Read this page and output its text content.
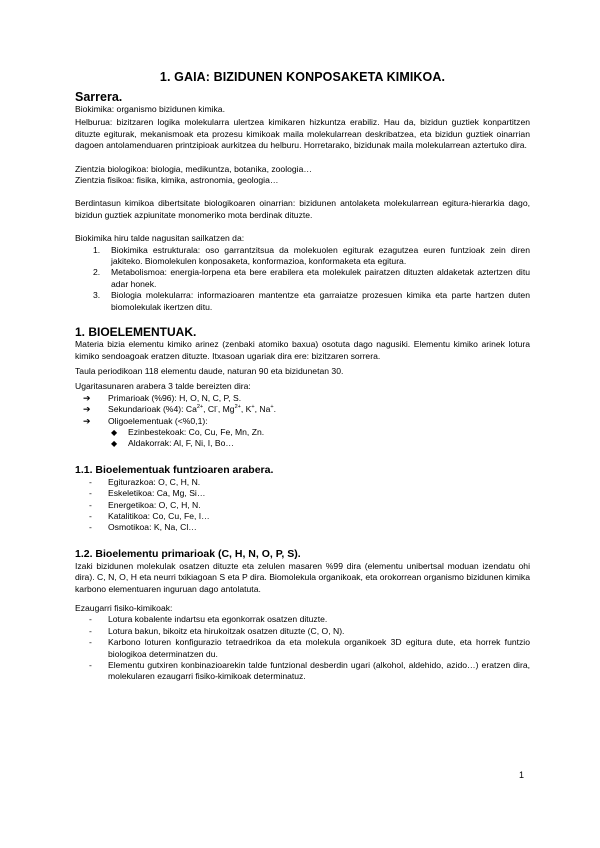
1. GAIA: BIZIDUNEN KONPOSAKETA KIMIKOA.
Sarrera.

Biokimika: organismo bizidunen kimika.

Helburua: bizitzaren logika molekularra ulertzea kimikaren hizkuntza erabiliz. Hau da, bizidun guztiek konpartitzen dituzte egiturak, mekanismoak eta prozesu kimikoak maila molekularrean deskribatzea, eta bizidun guztiek oinarrian dagoen antolamenduaren printzipioak aurkitzea du helburu. Horretarako, bizidunak maila molekularrean aztertuko dira.

Zientzia biologikoa: biologia, medikuntza, botanika, zoologia…

Zientzia fisikoa: fisika, kimika, astronomia, geologia…

Berdintasun kimikoa dibertsitate biologikoaren oinarrian: bizidunen antolaketa molekularrean egitura-hierarkia dago, bizidun guztiek azpiunitate monomeriko mota berdinak dituzte.

Biokimika hiru talde nagusitan sailkatzen da:

1. Biokimika estrukturala: oso garrantzitsua da molekuolen egiturak ezagutzea euren funtzioak zein diren jakiteko. Biomolekulen konposaketa, konformazioa, konformaketa eta egitura.
2. Metabolismoa: energia-lorpena eta bere erabilera eta molekulek pairatzen dituzten aldaketak aztertzen ditu adar honek.
3. Biologia molekularra: informazioaren mantentze eta garraiatze prozesuen kimika eta parte hartzen duten biomolekulak ikertzen ditu.
1. BIOELEMENTUAK.

Materia bizia elementu kimiko arinez (zenbaki atomiko baxua) osotuta dago nagusiki. Elementu kimiko arinek lotura kimiko sendoagoak eratzen dituzte. Itxasoan ugariak dira ere: bizitzaren sorrera.

Taula periodikoan 118 elementu daude, naturan 90 eta bizidunetan 30.

Ugaritasunaren arabera 3 talde bereizten dira:

➔ Primarioak (%96): H, O, N, C, P, S.
➔ Sekundarioak (%4): $Ca^{2+}$, Cl-, $Mg^{2+}$, K+, Na+.
➔ Oligoelementuak (<%0,1):
◆ Ezinbestekoak: Co, Cu, Fe, Mn, Zn.
◆ Aldakorrak: Al, F, Ni, I, Bo…
1.1. Bioelementuak funtzioaren arabera.
- Egiturazkoa: O, C, H, N.
- Eskeletikoa: Ca, Mg, Si…
- Energetikoa: O, C, H, N.
- Katalitikoa: Co, Cu, Fe, I…
- Osmotikoa: K, Na, Cl…
1.2. Bioelementu primarioak (C, H, N, O, P, S).

Izaki bizidunen molekulak osatzen dituzte eta zelulen masaren %99 dira (elementu unibertsal moduan izendatu ohi dira). C, N, O, H eta neurri txikiagoan S eta P dira. Biomolekula organikoak, eta orokorrean organismo bizidunen kimika karbono elementuaren inguruan dago antolatuta.

Ezaugarri fisiko-kimikoak:

- Lotura kobalente indartsu eta egonkorrak osatzen dituzte.
- Lotura bakun, bikoitz eta hirukoitzak osatzen dituzte (C, O, N).
- Karbono loturen konfigurazio tetraedrikoa da eta molekula organikoek 3D egitura dute, eta horrek funtzio biologikoa determinatzen du.
- Elementu gutxiren konbinazioarekin talde funtzional desberdin ugari (alkohol, aldehido, azido…) eratzen dira, molekularen ezaugarri fisiko-kimikoak determinatuz.
1
